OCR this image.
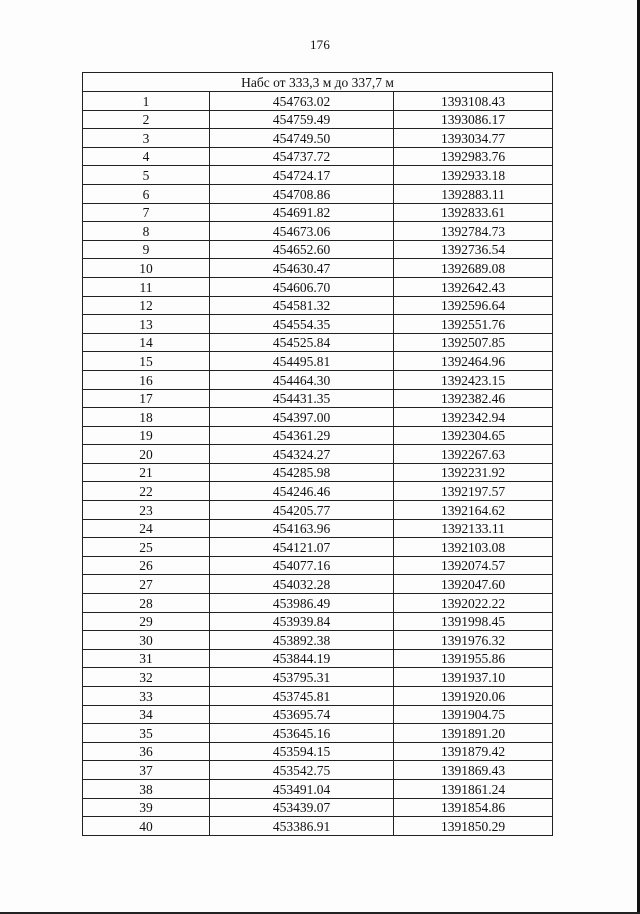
176
Набс от 333,3 м до 337,7 м		
1	454763.02	1393108.43
2	454759.49	1393086.17
3	454749.50	1393034.77
4	454737.72	1392983.76
5	454724.17	1392933.18
6	454708.86	1392883.11
7	454691.82	1392833.61
8	454673.06	1392784.73
9	454652.60	1392736.54
10	454630.47	1392689.08
11	454606.70	1392642.43
12	454581.32	1392596.64
13	454554.35	1392551.76
14	454525.84	1392507.85
15	454495.81	1392464.96
16	454464.30	1392423.15
17	454431.35	1392382.46
18	454397.00	1392342.94
19	454361.29	1392304.65
20	454324.27	1392267.63
21	454285.98	1392231.92
22	454246.46	1392197.57
23	454205.77	1392164.62
24	454163.96	1392133.11
25	454121.07	1392103.08
26	454077.16	1392074.57
27	454032.28	1392047.60
28	453986.49	1392022.22
29	453939.84	1391998.45
30	453892.38	1391976.32
31	453844.19	1391955.86
32	453795.31	1391937.10
33	453745.81	1391920.06
34	453695.74	1391904.75
35	453645.16	1391891.20
36	453594.15	1391879.42
37	453542.75	1391869.43
38	453491.04	1391861.24
39	453439.07	1391854.86
40	453386.91	1391850.29
